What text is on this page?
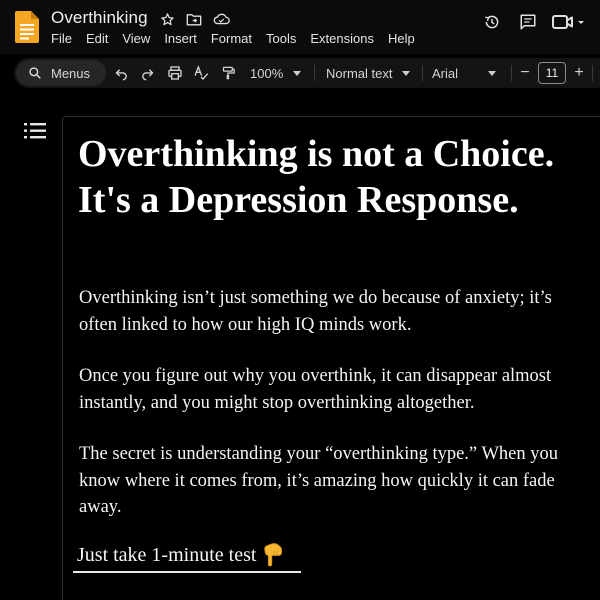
Overthinking
File Edit View Insert Format Tools Extensions Help
Menus	100%	Normal text	Arial	−	11	+
Overthinking is not a Choice. It's a Depression Response.

Overthinking isn’t just something we do because of anxiety; it’s often linked to how our high IQ minds work.

Once you figure out why you overthink, it can disappear almost instantly, and you might stop overthinking altogether.

The secret is understanding your “overthinking type.” When you know where it comes from, it’s amazing how quickly it can fade away.

Just take 1-minute test
